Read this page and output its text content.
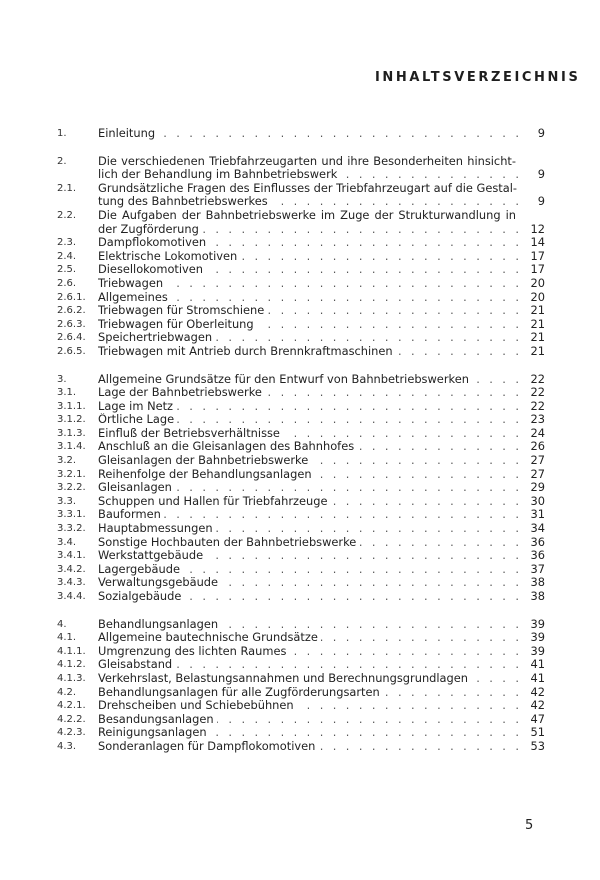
INHALTSVERZEICHNIS
1.	Einleitung . . .	9
2.	Die verschiedenen Triebfahrzeugarten und ihre Besonderheiten hinsicht-
lich der Behandlung im Bahnbetriebswerk . . .	9
2.1.	Grundsätzliche Fragen des Einflusses der Triebfahrzeugart auf die Gestal-
tung des Bahnbetriebswerkes . . .	9
2.2.	Die Aufgaben der Bahnbetriebswerke im Zuge der Strukturwandlung in
der Zugförderung . . .	12
2.3.	Dampflokomotiven . . .	14
2.4.	Elektrische Lokomotiven . . .	17
2.5.	Diesellokomotiven . . .	17
2.6.	Triebwagen . . .	20
2.6.1.	Allgemeines . . .	20
2.6.2.	Triebwagen für Stromschiene . . .	21
2.6.3.	Triebwagen für Oberleitung . . .	21
2.6.4.	Speichertriebwagen . . .	21
2.6.5.	Triebwagen mit Antrieb durch Brennkraftmaschinen . . .	21
3.	Allgemeine Grundsätze für den Entwurf von Bahnbetriebswerken . . .	22
3.1.	Lage der Bahnbetriebswerke . . .	22
3.1.1.	Lage im Netz . . .	22
3.1.2.	Örtliche Lage . . .	23
3.1.3.	Einfluß der Betriebsverhältnisse . . .	24
3.1.4.	Anschluß an die Gleisanlagen des Bahnhofes . . .	26
3.2.	Gleisanlagen der Bahnbetriebswerke . . .	27
3.2.1.	Reihenfolge der Behandlungsanlagen . . .	27
3.2.2.	Gleisanlagen . . .	29
3.3.	Schuppen und Hallen für Triebfahrzeuge . . .	30
3.3.1.	Bauformen . . .	31
3.3.2.	Hauptabmessungen . . .	34
3.4.	Sonstige Hochbauten der Bahnbetriebswerke . . .	36
3.4.1.	Werkstattgebäude . . .	36
3.4.2.	Lagergebäude . . .	37
3.4.3.	Verwaltungsgebäude . . .	38
3.4.4.	Sozialgebäude . . .	38
4.	Behandlungsanlagen . . .	39
4.1.	Allgemeine bautechnische Grundsätze . . .	39
4.1.1.	Umgrenzung des lichten Raumes . . .	39
4.1.2.	Gleisabstand . . .	41
4.1.3.	Verkehrslast, Belastungsannahmen und Berechnungsgrundlagen . . .	41
4.2.	Behandlungsanlagen für alle Zugförderungsarten . . .	42
4.2.1.	Drehscheiben und Schiebebühnen . . .	42
4.2.2.	Besandungsanlagen . . .	47
4.2.3.	Reinigungsanlagen . . .	51
4.3.	Sonderanlagen für Dampflokomotiven . . .	53
5
